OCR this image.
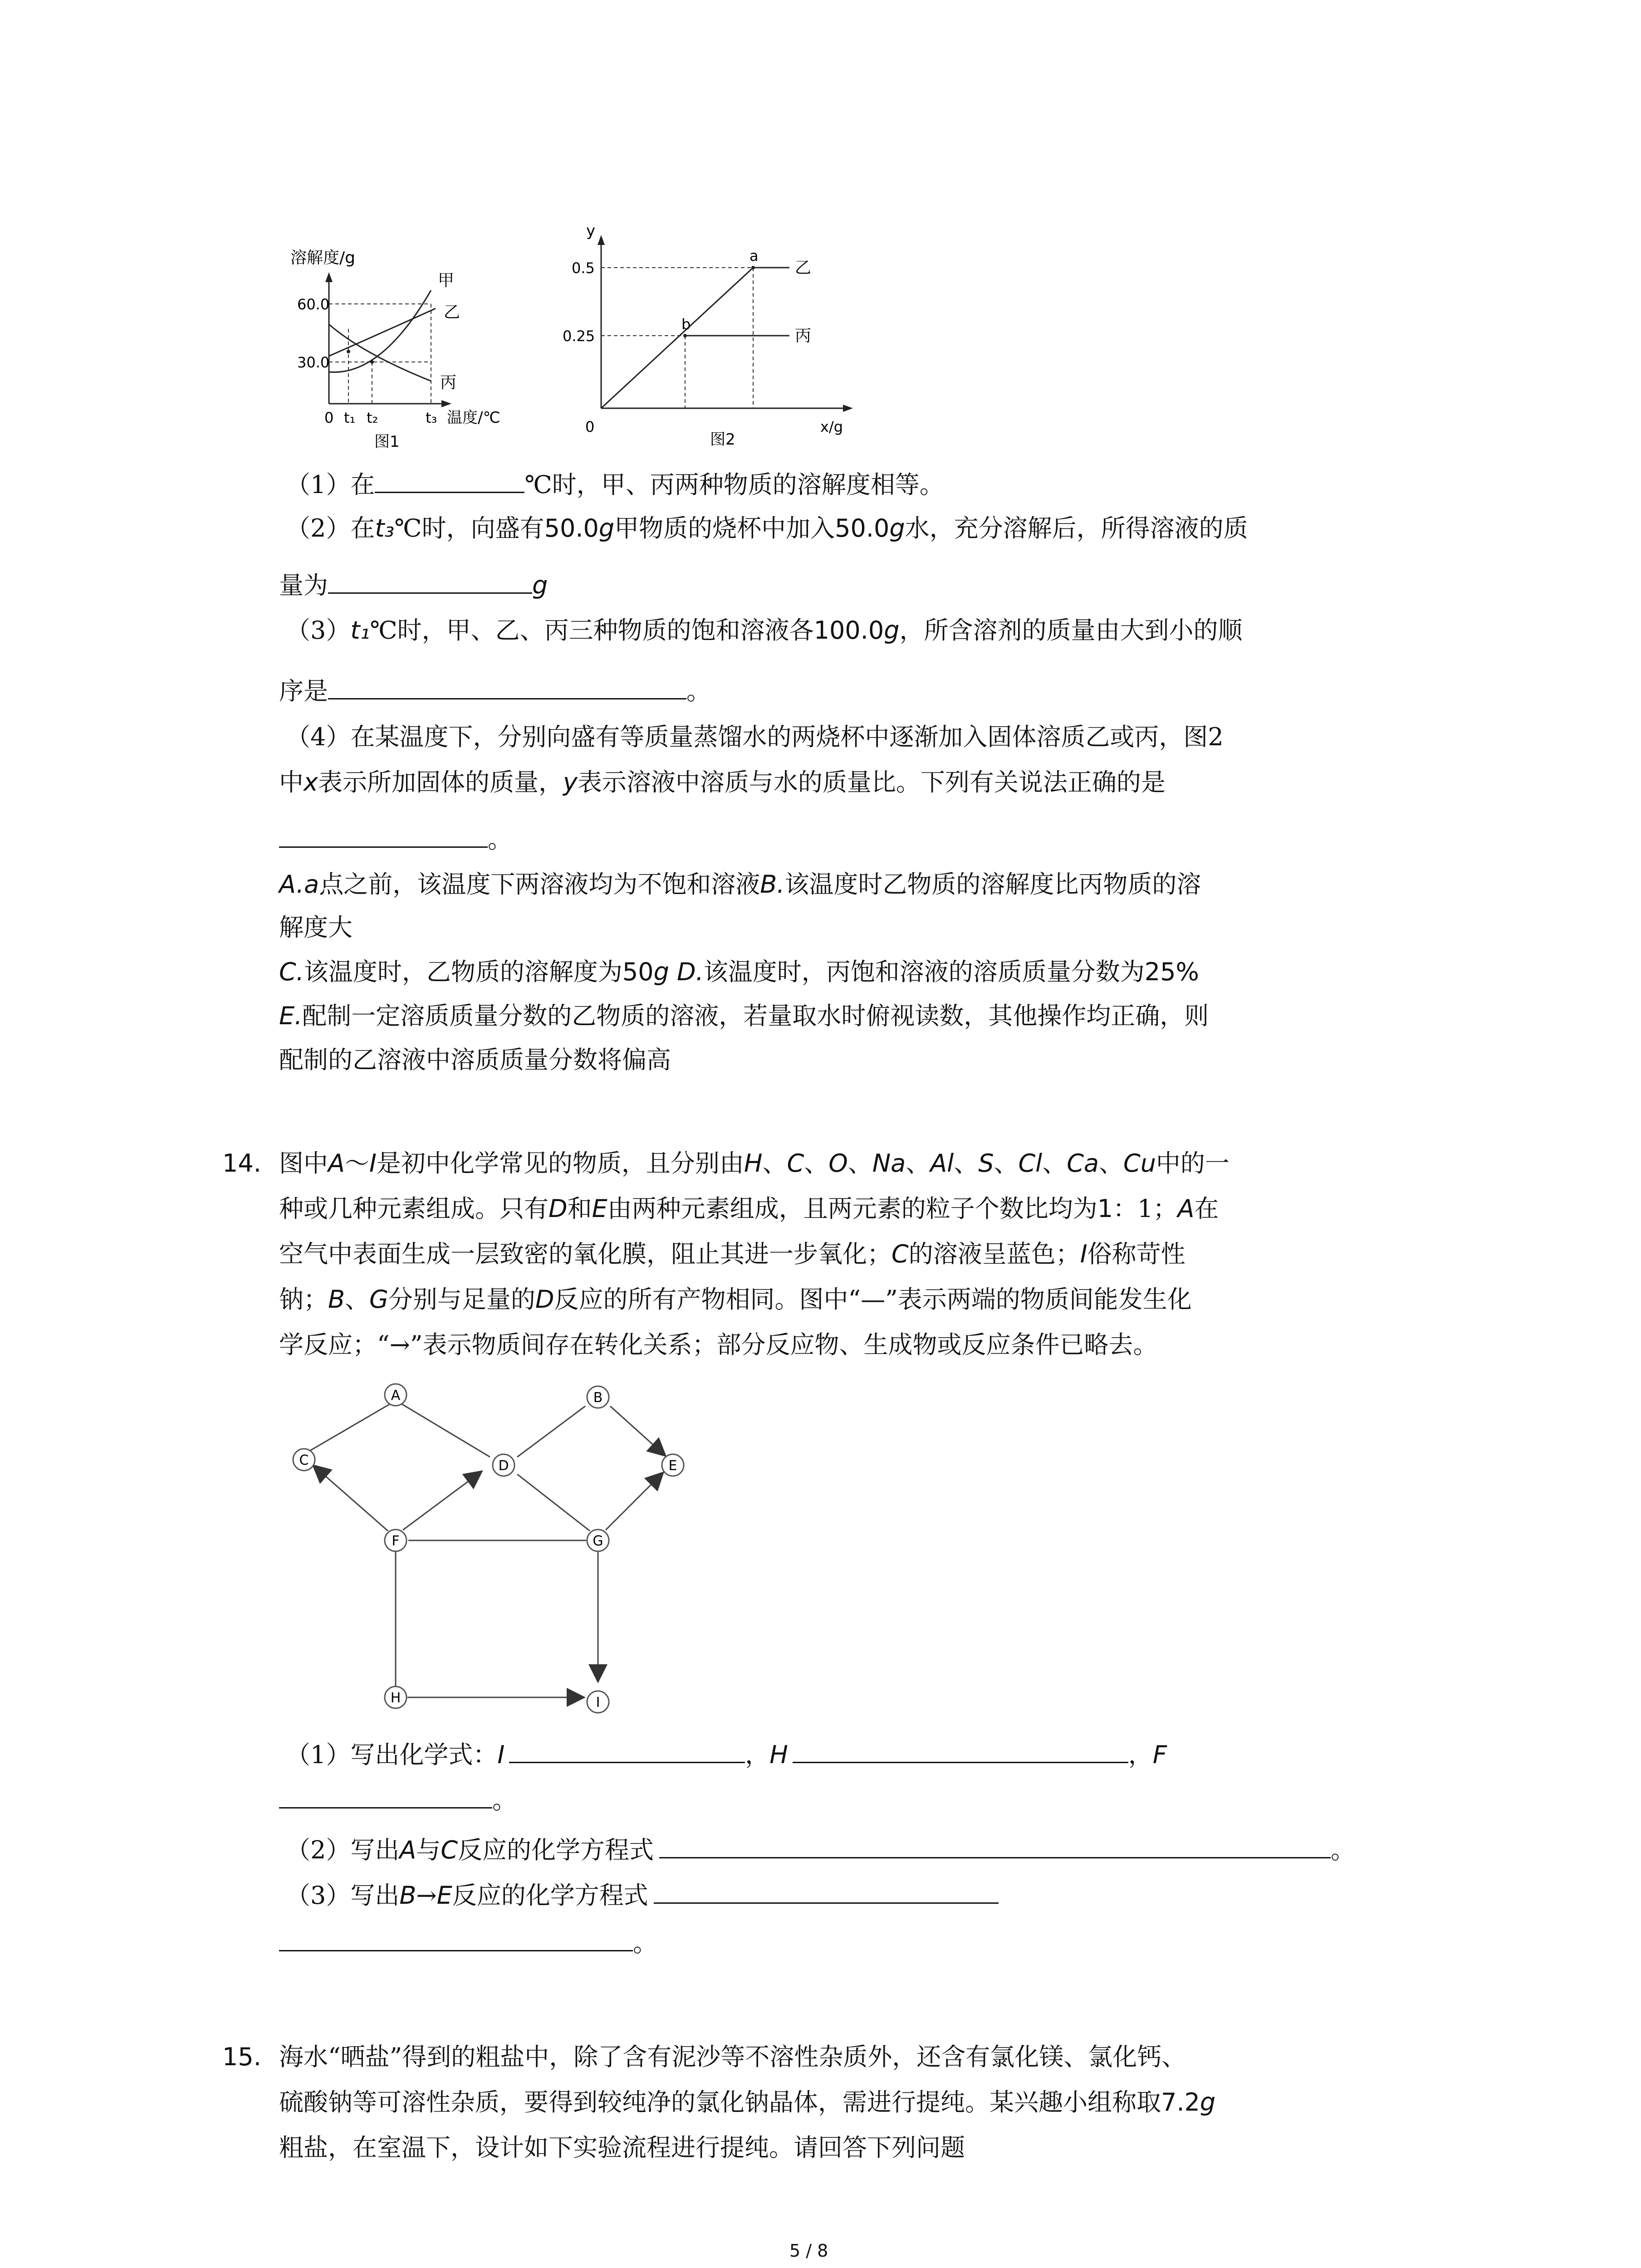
溶解度/g
60.0
30.0
0 t₁ t₂	t₃ 温度/℃
甲
乙
丙
图1
y
0.5
0.25
0
a
b
乙
丙
x/g
图2
（1）在	℃时，甲、丙两种物质的溶解度相等。
（2）在t₃℃时，向盛有50.0g甲物质的烧杯中加入50.0g水，充分溶解后，所得溶液的质
量为	g
（3）t₁℃时，甲、乙、丙三种物质的饱和溶液各100.0g，所含溶剂的质量由大到小的顺
序是	。
（4）在某温度下，分别向盛有等质量蒸馏水的两烧杯中逐渐加入固体溶质乙或丙，图2
中x表示所加固体的质量，y表示溶液中溶质与水的质量比。下列有关说法正确的是
。
A.a点之前，该温度下两溶液均为不饱和溶液B.该温度时乙物质的溶解度比丙物质的溶
解度大
C.该温度时，乙物质的溶解度为50g D.该温度时，丙饱和溶液的溶质质量分数为25%
E.配制一定溶质质量分数的乙物质的溶液，若量取水时俯视读数，其他操作均正确，则
配制的乙溶液中溶质质量分数将偏高
14. 图中A～I是初中化学常见的物质，且分别由H、C、O、Na、Al、S、Cl、Ca、Cu中的一
种或几种元素组成。只有D和E由两种元素组成，且两元素的粒子个数比均为1：1；A在
空气中表面生成一层致密的氧化膜，阻止其进一步氧化；C的溶液呈蓝色；I俗称苛性
钠；B、G分别与足量的D反应的所有产物相同。图中“—”表示两端的物质间能发生化
学反应；“→”表示物质间存在转化关系；部分反应物、生成物或反应条件已略去。
A	B
C	D	E
F	G
H	I
（1）写出化学式：I	，H	，F
。
（2）写出A与C反应的化学方程式	。
（3）写出B→E反应的化学方程式
。
15. 海水“晒盐”得到的粗盐中，除了含有泥沙等不溶性杂质外，还含有氯化镁、氯化钙、
硫酸钠等可溶性杂质，要得到较纯净的氯化钠晶体，需进行提纯。某兴趣小组称取7.2g
粗盐，在室温下，设计如下实验流程进行提纯。请回答下列问题
5 / 8
